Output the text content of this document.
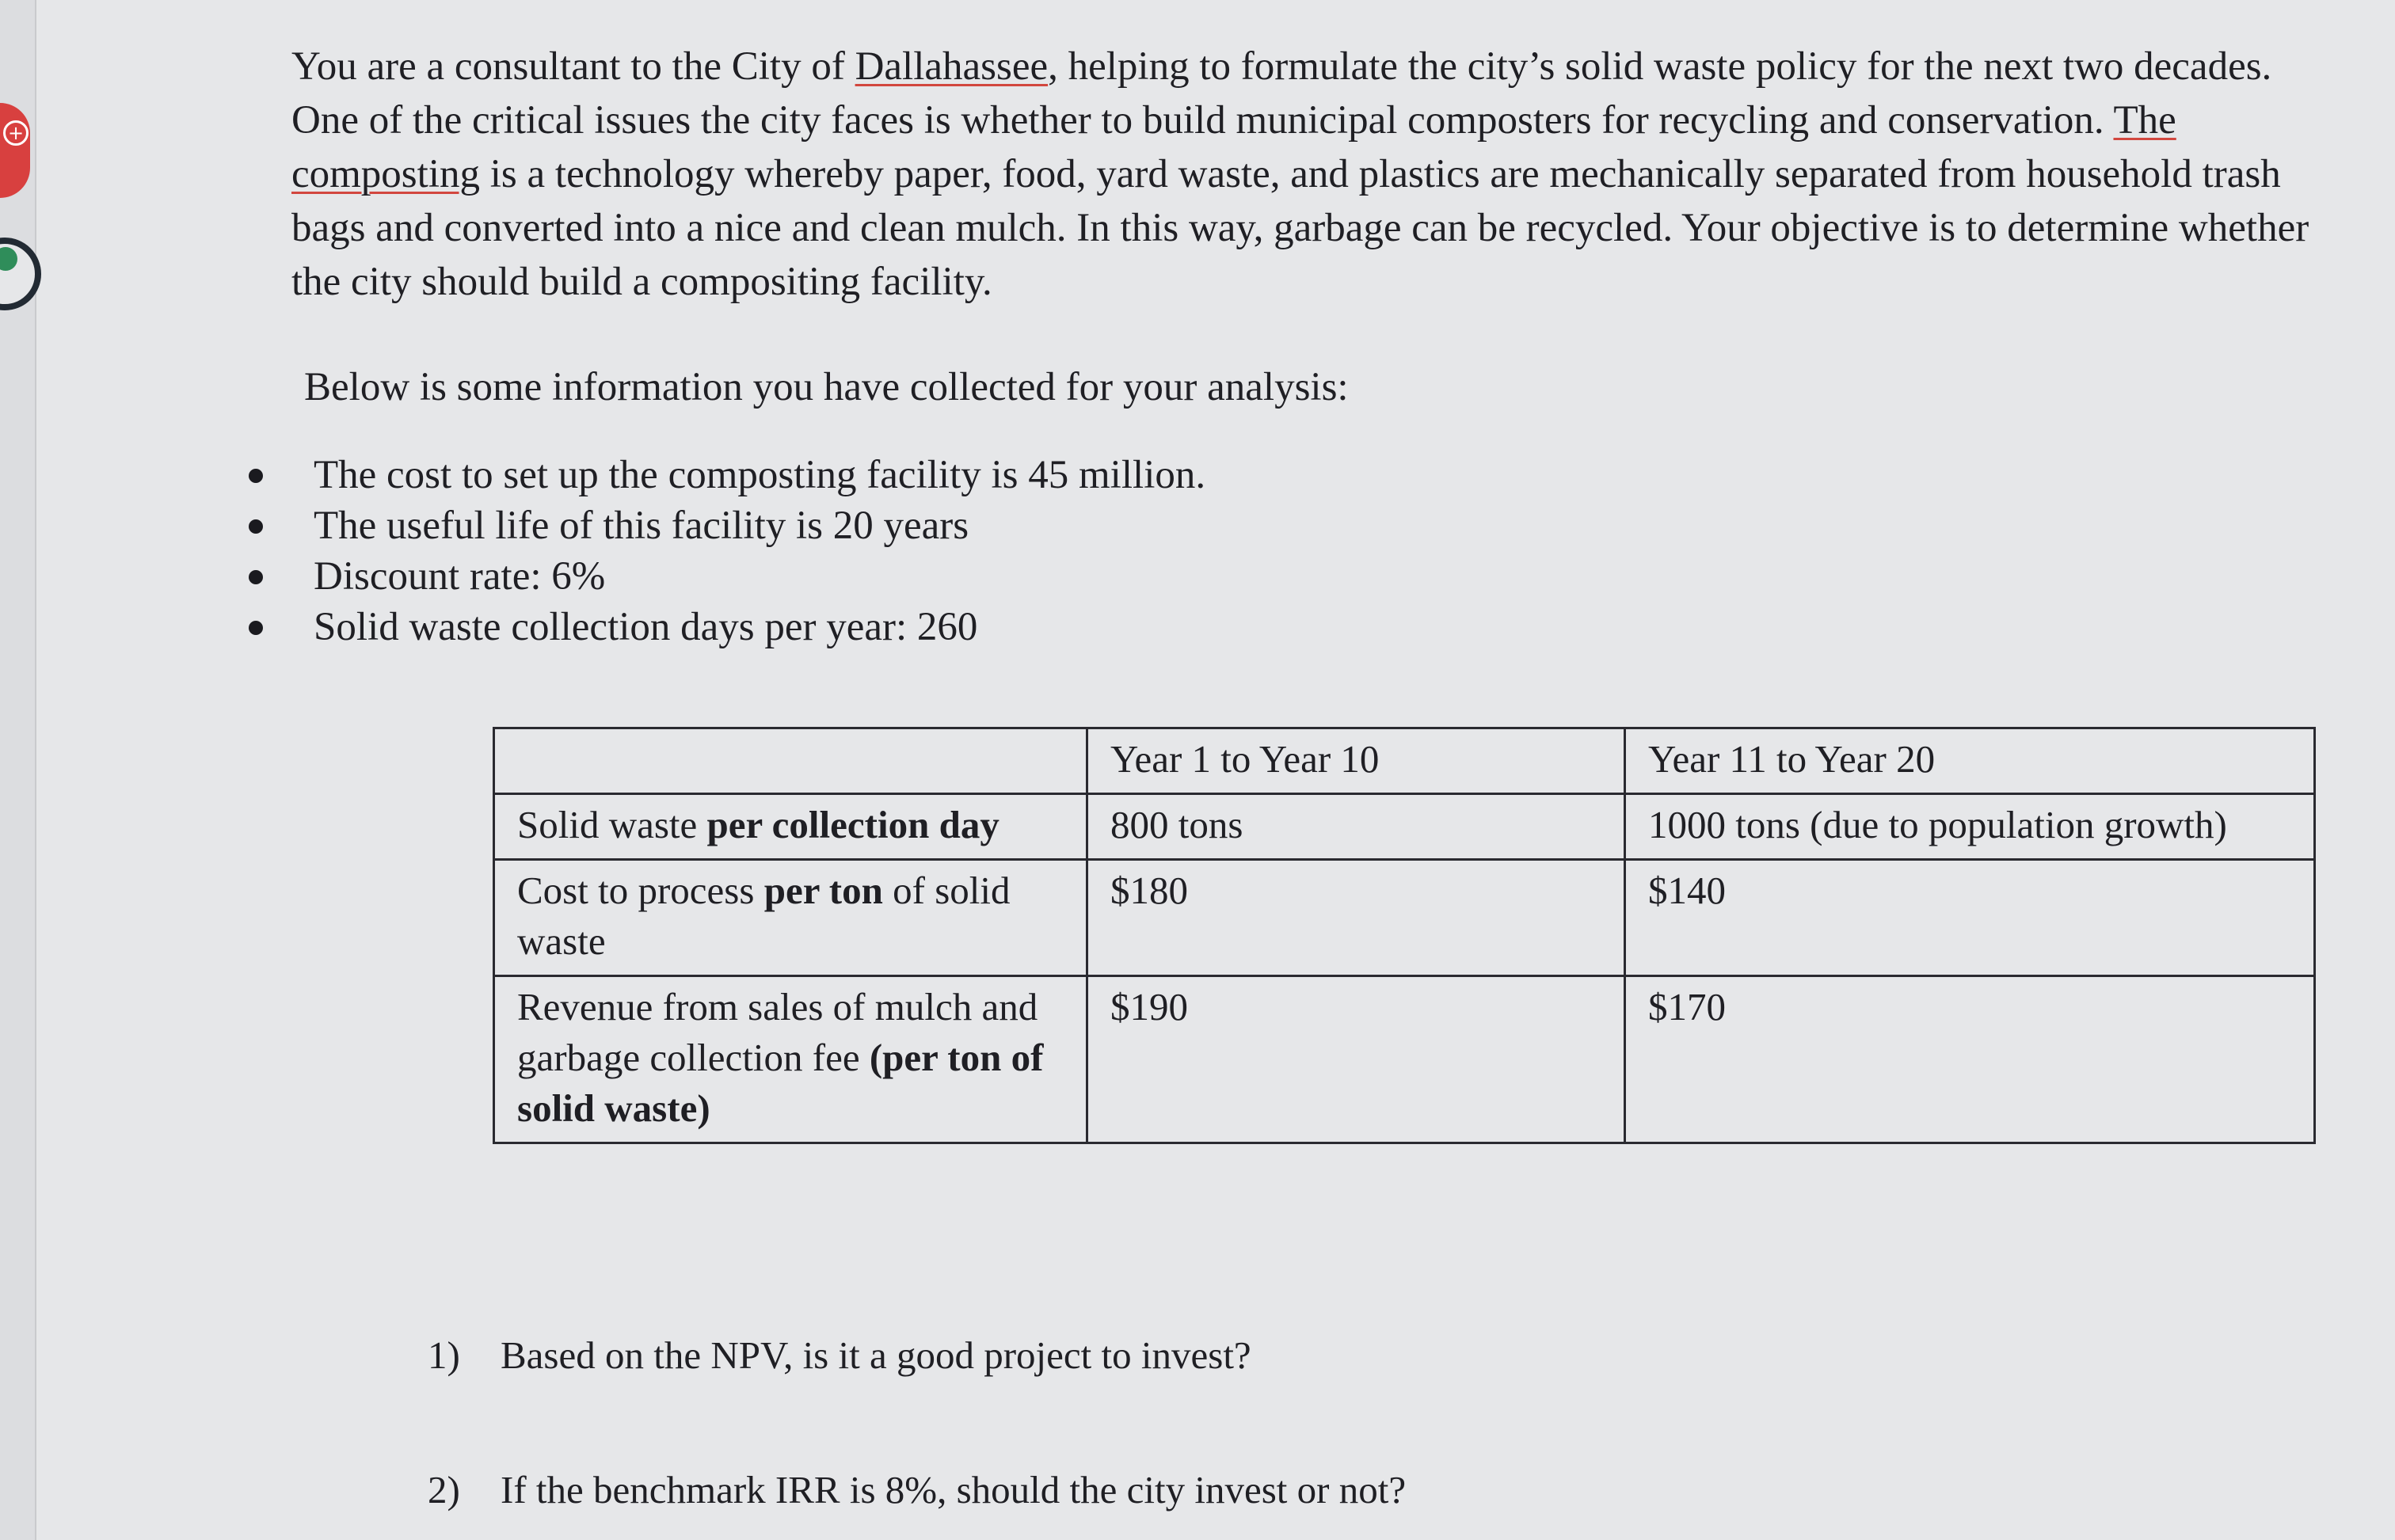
+

You are a consultant to the City of Dallahassee, helping to formulate the city’s solid waste policy for the next two decades. One of the critical issues the city faces is whether to build municipal composters for recycling and conservation. The composting is a technology whereby paper, food, yard waste, and plastics are mechanically separated from household trash bags and converted into a nice and clean mulch. In this way, garbage can be recycled. Your objective is to determine whether the city should build a compositing facility.

Below is some information you have collected for your analysis:

The cost to set up the composting facility is 45 million.
The useful life of this facility is 20 years
Discount rate: 6%
Solid waste collection days per year: 260
	Year 1 to Year 10	Year 11 to Year 20
Solid waste per collection day	800 tons	1000 tons (due to population growth)
Cost to process per ton of solid waste	$180	$140
Revenue from sales of mulch and garbage collection fee (per ton of solid waste)	$190	$170
1) Based on the NPV, is it a good project to invest?
2) If the benchmark IRR is 8%, should the city invest or not?
